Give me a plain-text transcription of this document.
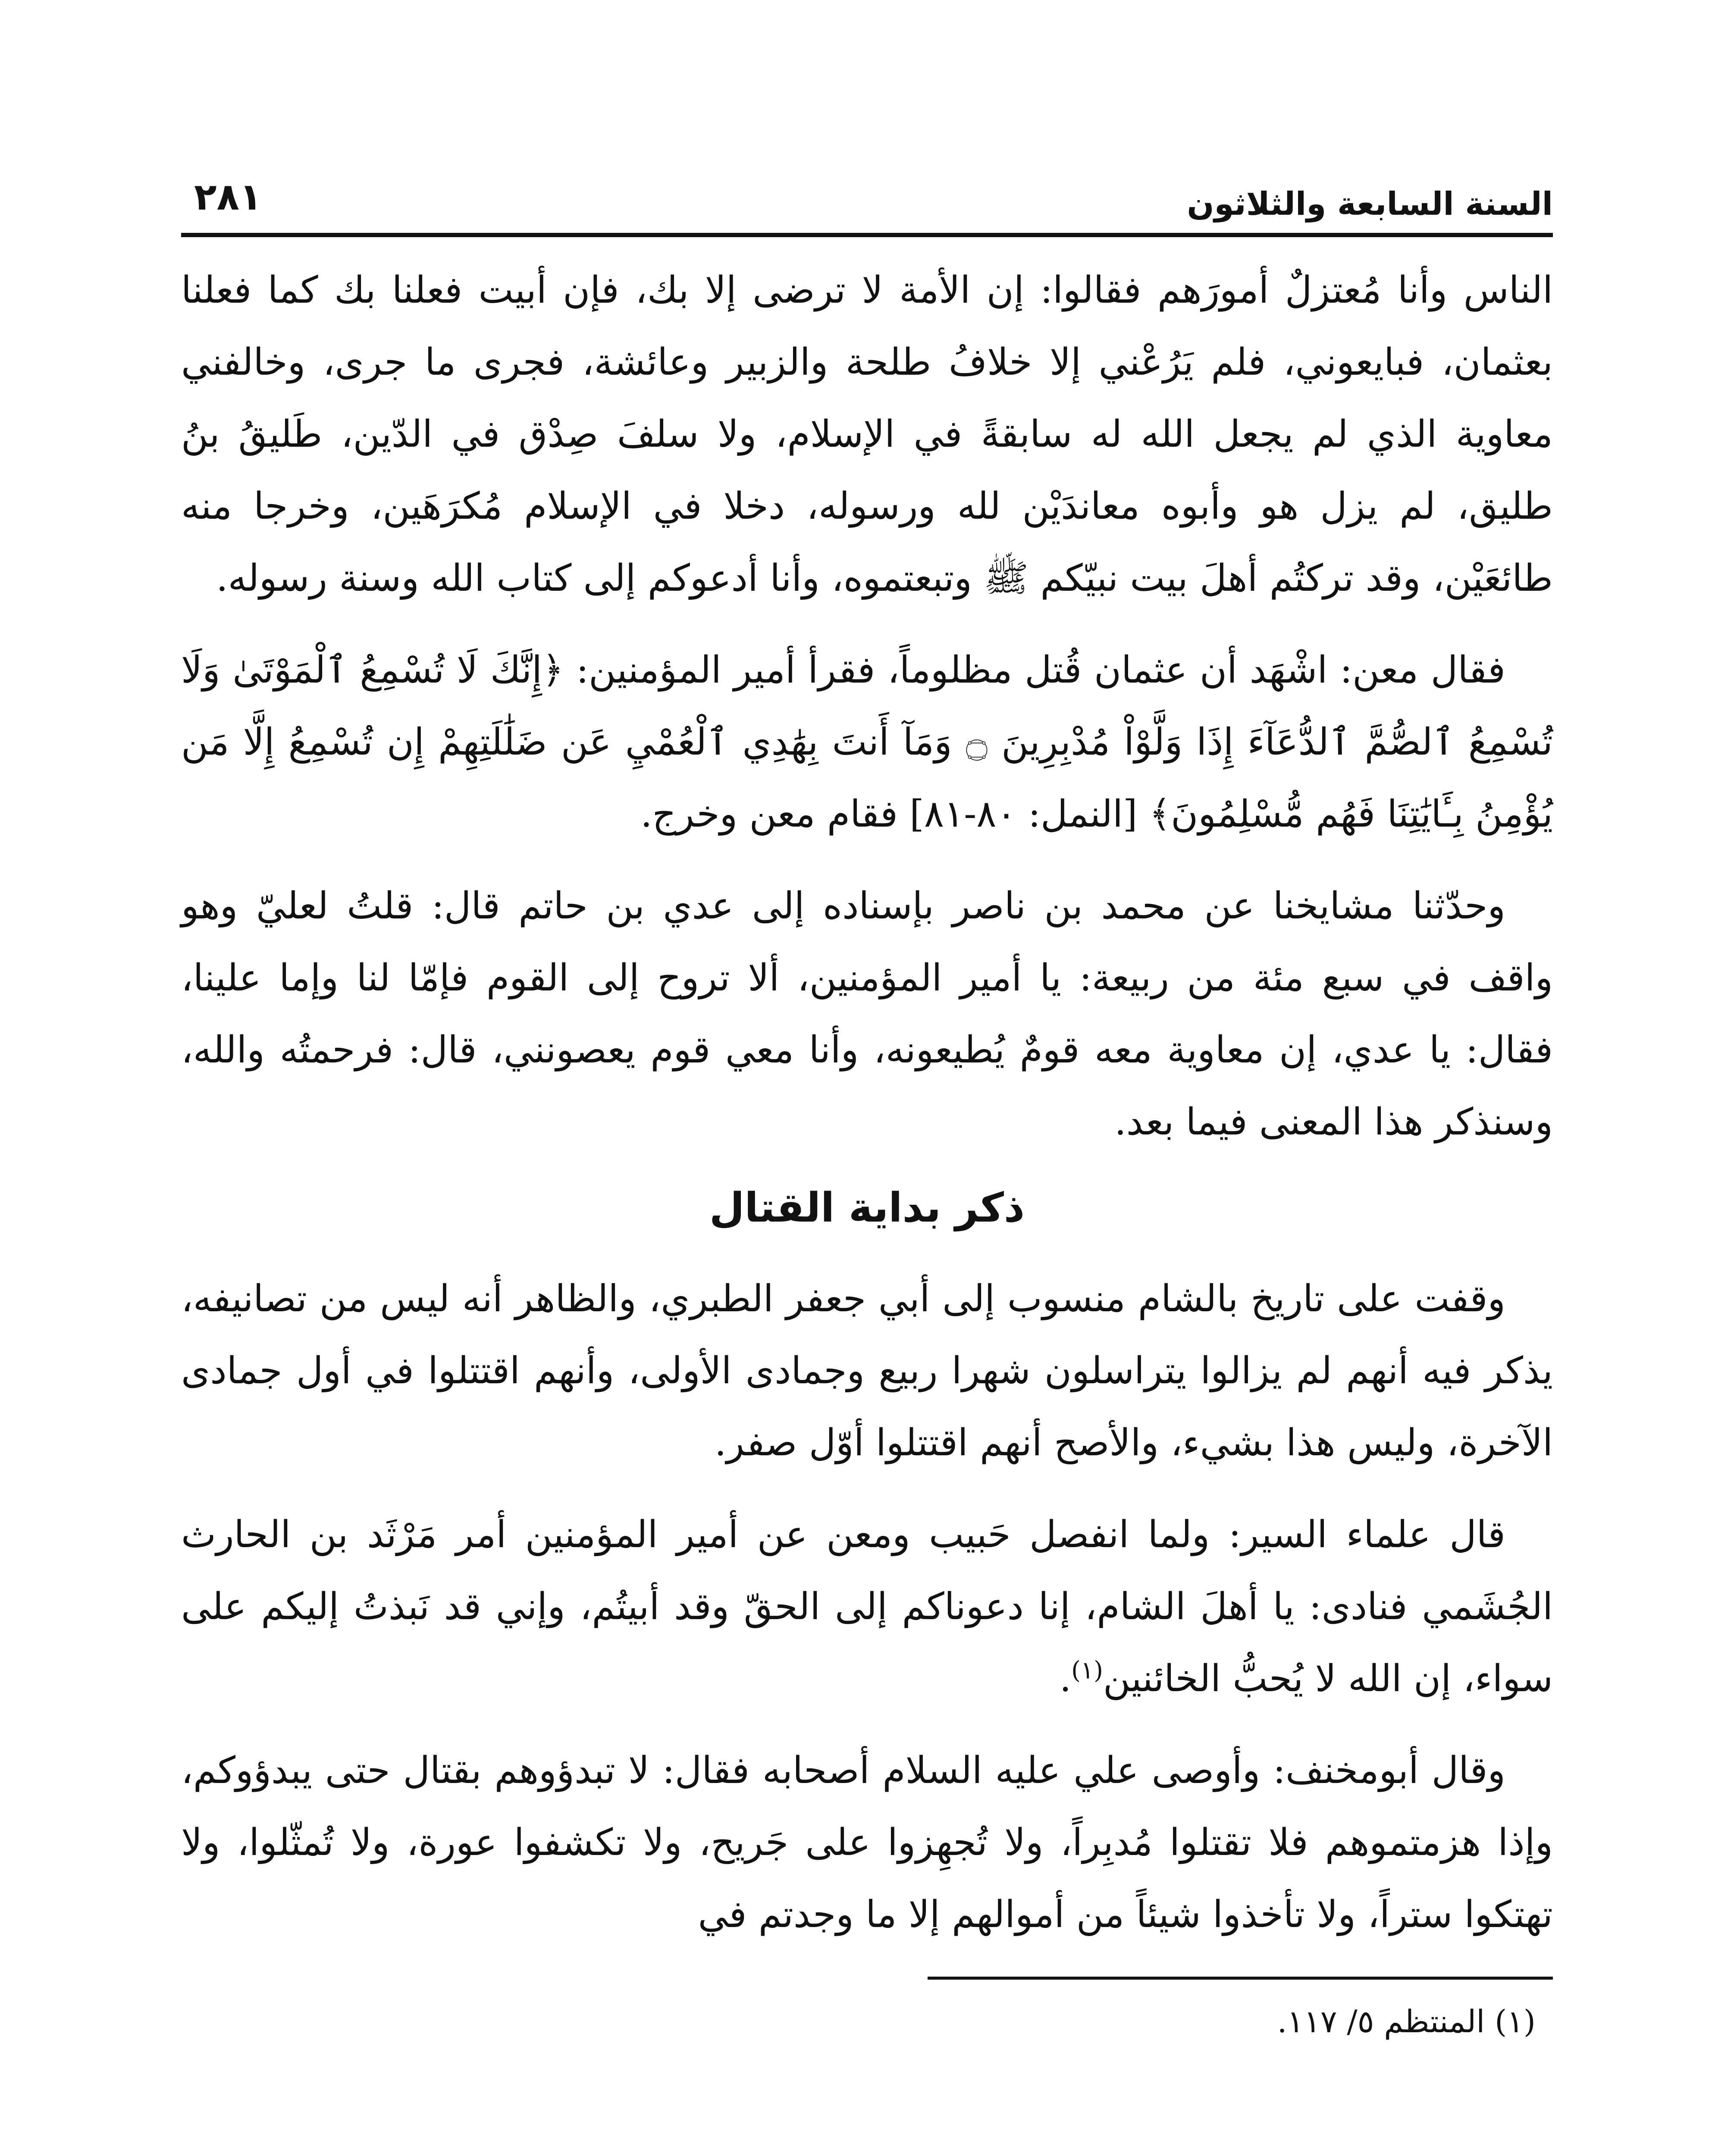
السنة السابعة والثلاثون
٢٨١

الناس وأنا مُعتزلٌ أمورَهم فقالوا: إن الأمة لا ترضى إلا بك، فإن أبيت فعلنا بك كما فعلنا بعثمان، فبايعوني، فلم يَرُعْني إلا خلافُ طلحة والزبير وعائشة، فجرى ما جرى، وخالفني معاوية الذي لم يجعل الله له سابقةً في الإسلام، ولا سلفَ صِدْق في الدّين، طَليقُ بنُ طليق، لم يزل هو وأبوه معاندَيْن لله ورسوله، دخلا في الإسلام مُكرَهَين، وخرجا منه طائعَيْن، وقد تركتُم أهلَ بيت نبيّكم ﷺ وتبعتموه، وأنا أدعوكم إلى كتاب الله وسنة رسوله.

فقال معن: اشْهَد أن عثمان قُتل مظلوماً، فقرأ أمير المؤمنين: ﴿إِنَّكَ لَا تُسْمِعُ ٱلْمَوْتَىٰ وَلَا تُسْمِعُ ٱلصُّمَّ ٱلدُّعَآءَ إِذَا وَلَّوْاْ مُدْبِرِينَ ۝ وَمَآ أَنتَ بِهَٰدِي ٱلْعُمْيِ عَن ضَلَٰلَتِهِمْ إِن تُسْمِعُ إِلَّا مَن يُؤْمِنُ بِـَٔايَٰتِنَا فَهُم مُّسْلِمُونَ﴾ [النمل: ٨٠-٨١] فقام معن وخرج.

وحدّثنا مشايخنا عن محمد بن ناصر بإسناده إلى عدي بن حاتم قال: قلتُ لعليّ وهو واقف في سبع مئة من ربيعة: يا أمير المؤمنين، ألا تروح إلى القوم فإمّا لنا وإما علينا، فقال: يا عدي، إن معاوية معه قومٌ يُطيعونه، وأنا معي قوم يعصونني، قال: فرحمتُه والله، وسنذكر هذا المعنى فيما بعد.

ذكر بداية القتال

وقفت على تاريخ بالشام منسوب إلى أبي جعفر الطبري، والظاهر أنه ليس من تصانيفه، يذكر فيه أنهم لم يزالوا يتراسلون شهرا ربيع وجمادى الأولى، وأنهم اقتتلوا في أول جمادى الآخرة، وليس هذا بشيء، والأصح أنهم اقتتلوا أوّل صفر.

قال علماء السير: ولما انفصل حَبيب ومعن عن أمير المؤمنين أمر مَرْثَد بن الحارث الجُشَمي فنادى: يا أهلَ الشام، إنا دعوناكم إلى الحقّ وقد أبيتُم، وإني قد نَبذتُ إليكم على سواء، إن الله لا يُحبُّ الخائنين$^{(١)}$.

وقال أبومخنف: وأوصى علي عليه السلام أصحابه فقال: لا تبدؤوهم بقتال حتى يبدؤوكم، وإذا هزمتموهم فلا تقتلوا مُدبِراً، ولا تُجهِزوا على جَريح، ولا تكشفوا عورة، ولا تُمثّلوا، ولا تهتكوا ستراً، ولا تأخذوا شيئاً من أموالهم إلا ما وجدتم في

(١) المنتظم ٥/ ١١٧.
